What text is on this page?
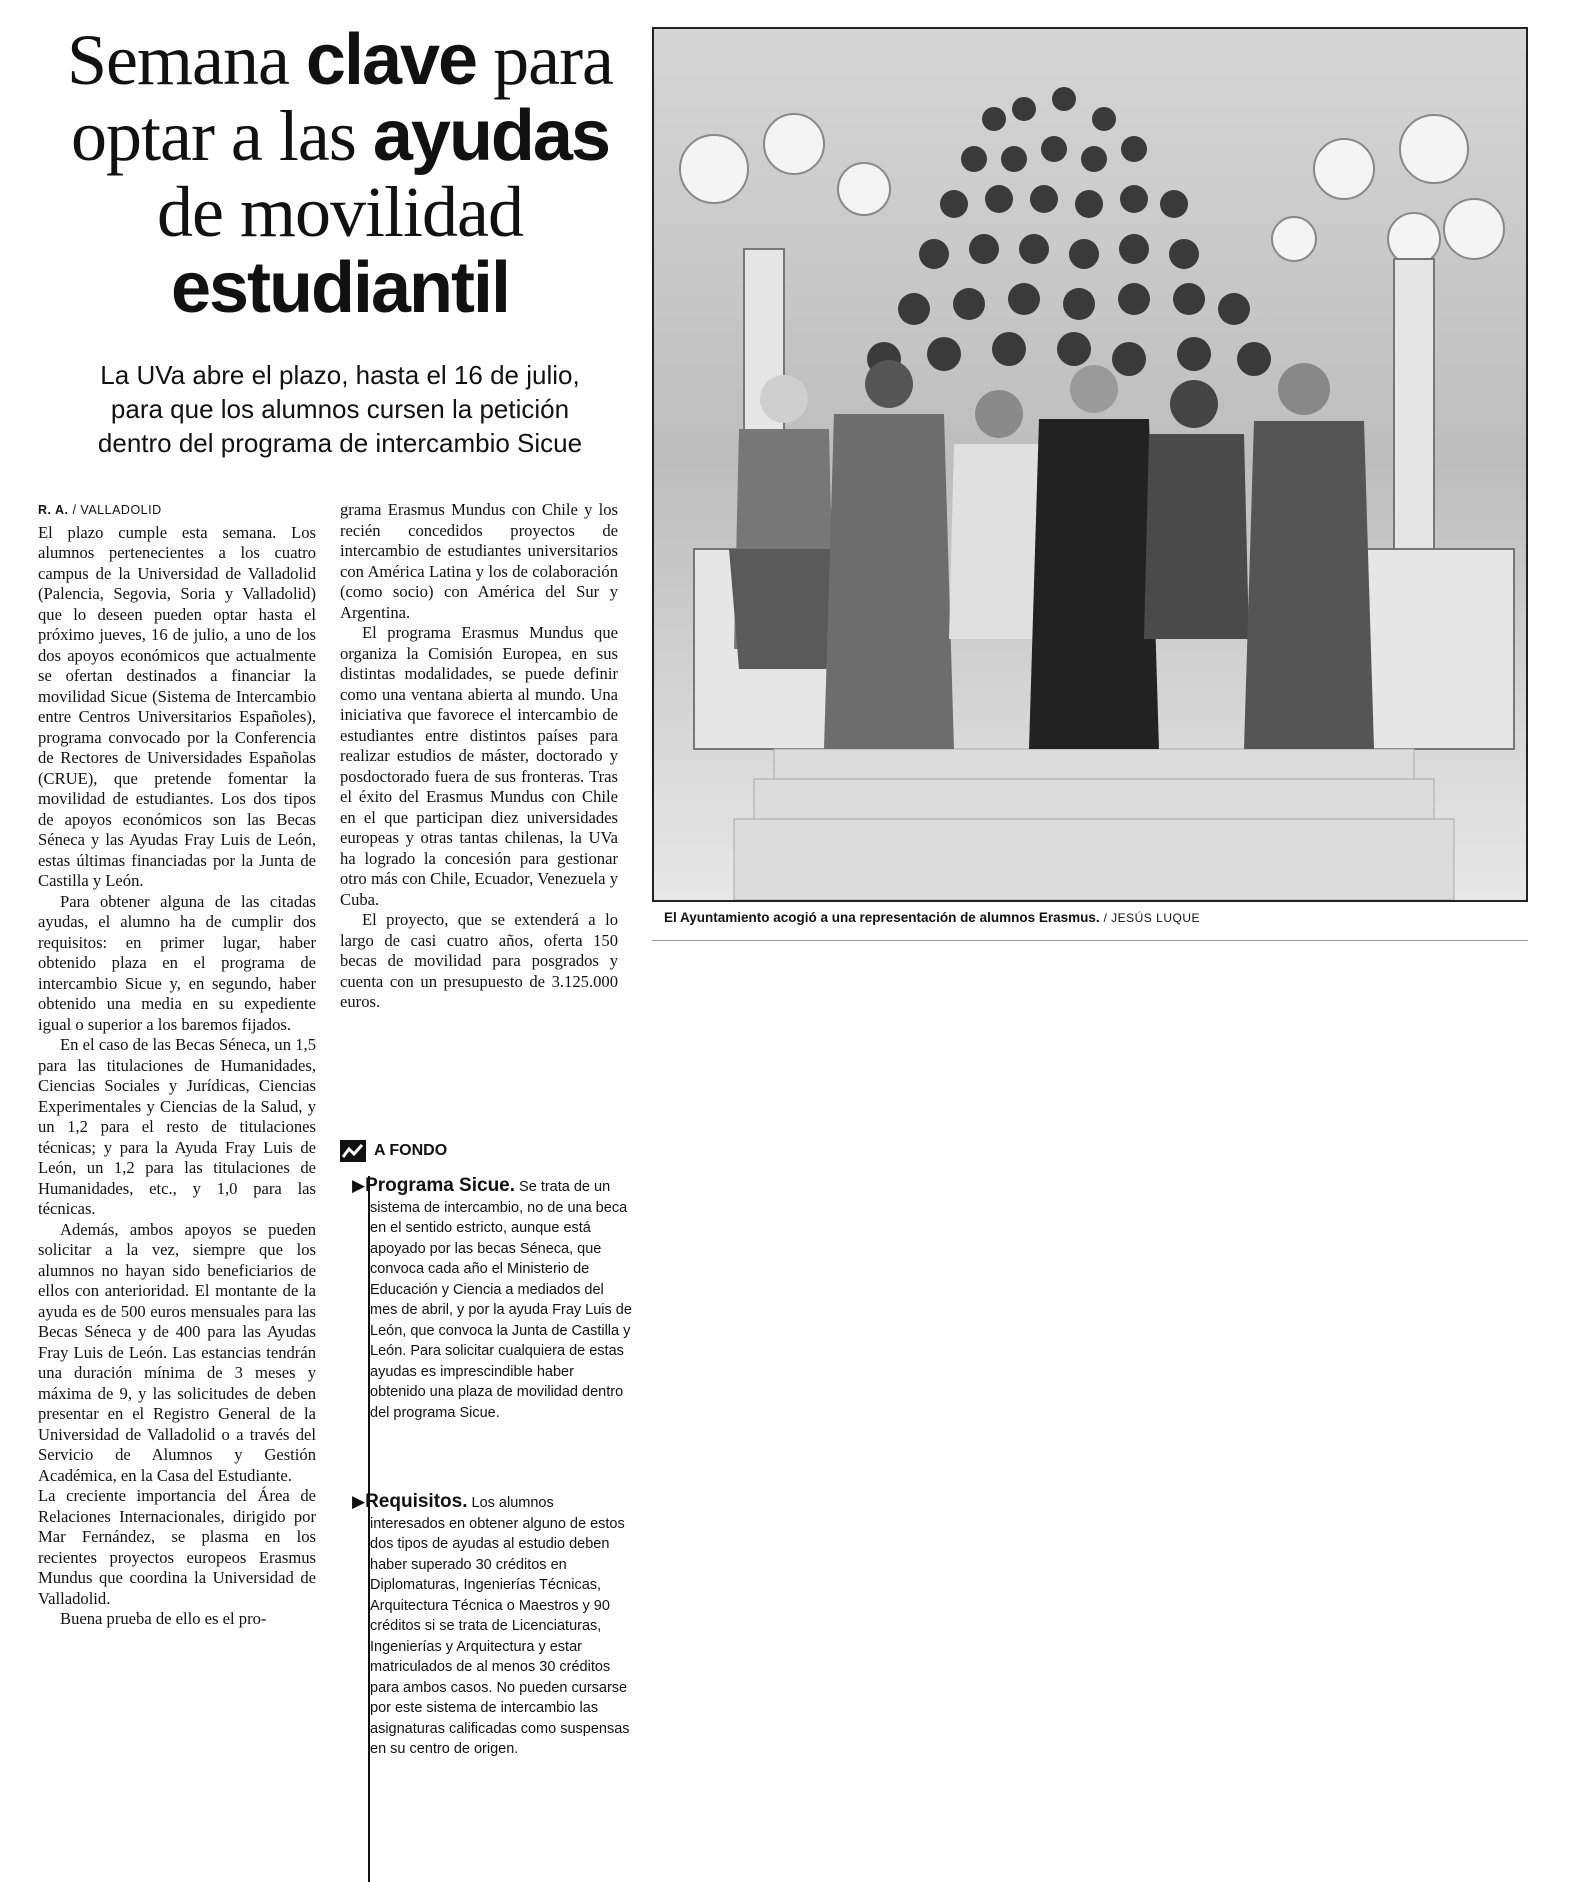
Semana clave para
optar a las ayudas
de movilidad
estudiantil
La UVa abre el plazo, hasta el 16 de julio,
para que los alumnos cursen la petición
dentro del programa de intercambio Sicue
R. A. / VALLADOLID

El plazo cumple esta semana. Los alumnos pertenecientes a los cuatro campus de la Universidad de Valladolid (Palencia, Segovia, Soria y Valladolid) que lo deseen pueden optar hasta el próximo jueves, 16 de julio, a uno de los dos apoyos económicos que actualmente se ofertan destinados a financiar la movilidad Sicue (Sistema de Intercambio entre Centros Universitarios Españoles), programa convocado por la Conferencia de Rectores de Universidades Españolas (CRUE), que pretende fomentar la movilidad de estudiantes. Los dos tipos de apoyos económicos son las Becas Séneca y las Ayudas Fray Luis de León, estas últimas financiadas por la Junta de Castilla y León.

Para obtener alguna de las citadas ayudas, el alumno ha de cumplir dos requisitos: en primer lugar, haber obtenido plaza en el programa de intercambio Sicue y, en segundo, haber obtenido una media en su expediente igual o superior a los baremos fijados.

En el caso de las Becas Séneca, un 1,5 para las titulaciones de Humanidades, Ciencias Sociales y Jurídicas, Ciencias Experimentales y Ciencias de la Salud, y un 1,2 para el resto de titulaciones técnicas; y para la Ayuda Fray Luis de León, un 1,2 para las titulaciones de Humanidades, etc., y 1,0 para las técnicas.

Además, ambos apoyos se pueden solicitar a la vez, siempre que los alumnos no hayan sido beneficiarios de ellos con anterioridad. El montante de la ayuda es de 500 euros mensuales para las Becas Séneca y de 400 para las Ayudas Fray Luis de León. Las estancias tendrán una duración mínima de 3 meses y máxima de 9, y las solicitudes de deben presentar en el Registro General de la Universidad de Valladolid o a través del Servicio de Alumnos y Gestión Académica, en la Casa del Estudiante.

La creciente importancia del Área de Relaciones Internacionales, dirigido por Mar Fernández, se plasma en los recientes proyectos europeos Erasmus Mundus que coordina la Universidad de Valladolid.

Buena prueba de ello es el pro-

grama Erasmus Mundus con Chile y los recién concedidos proyectos de intercambio de estudiantes universitarios con América Latina y los de colaboración (como socio) con América del Sur y Argentina.

El programa Erasmus Mundus que organiza la Comisión Europea, en sus distintas modalidades, se puede definir como una ventana abierta al mundo. Una iniciativa que favorece el intercambio de estudiantes entre distintos países para realizar estudios de máster, doctorado y posdoctorado fuera de sus fronteras. Tras el éxito del Erasmus Mundus con Chile en el que participan diez universidades europeas y otras tantas chilenas, la UVa ha logrado la concesión para gestionar otro más con Chile, Ecuador, Venezuela y Cuba.

El proyecto, que se extenderá a lo largo de casi cuatro años, oferta 150 becas de movilidad para posgrados y cuenta con un presupuesto de 3.125.000 euros.

A FONDO
▶Programa Sicue. Se trata de un sistema de intercambio, no de una beca en el sentido estricto, aunque está apoyado por las becas Séneca, que convoca cada año el Ministerio de Educación y Ciencia a mediados del mes de abril, y por la ayuda Fray Luis de León, que convoca la Junta de Castilla y León. Para solicitar cualquiera de estas ayudas es imprescindible haber obtenido una plaza de movilidad dentro del programa Sicue.
▶Requisitos. Los alumnos interesados en obtener alguno de estos dos tipos de ayudas al estudio deben haber superado 30 créditos en Diplomaturas, Ingenierías Técnicas, Arquitectura Técnica o Maestros y 90 créditos si se trata de Licenciaturas, Ingenierías y Arquitectura y estar matriculados de al menos 30 créditos para ambos casos. No pueden cursarse por este sistema de intercambio las asignaturas calificadas como suspensas en su centro de origen.
El Ayuntamiento acogió a una representación de alumnos Erasmus. / JESÚS LUQUE
